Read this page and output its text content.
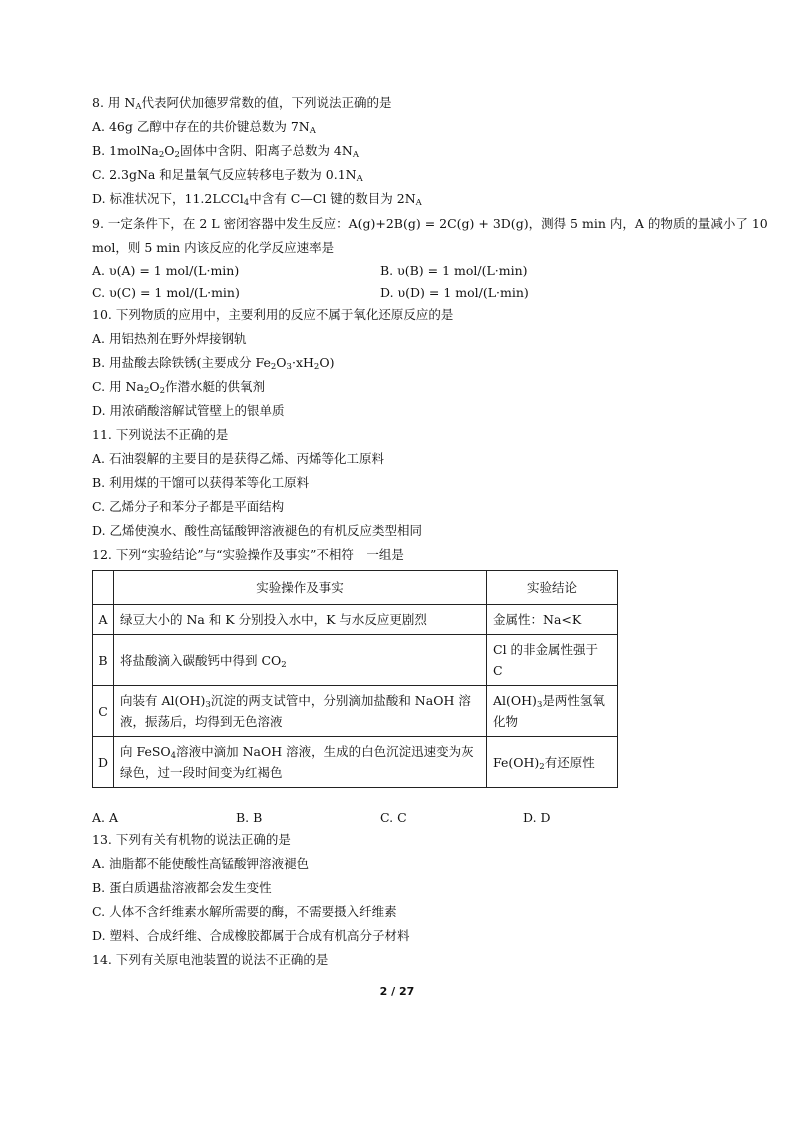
8. 用 $N_A$代表阿伏加德罗常数的值，下列说法正确的是
A. 46g 乙醇中存在的共价键总数为 $7N_A$
B. $1molNa_2O_2$固体中含阴、阳离子总数为 $4N_A$
C. 2.3gNa 和足量氧气反应转移电子数为 $0.1N_A$
D. 标准状况下，11.2LCCl$_4$中含有 C—Cl 键的数目为 $2N_A$
9. 一定条件下，在 2 L 密闭容器中发生反应：A(g)+2B(g) = 2C(g) + 3D(g)，测得 5 min 内，A 的物质的量减小了 10
mol，则 5 min 内该反应的化学反应速率是
A. υ(A) = 1 mol/(L·min)	B. υ(B) = 1 mol/(L·min)
C. υ(C) = 1 mol/(L·min)	D. υ(D) = 1 mol/(L·min)
10. 下列物质的应用中，主要利用的反应不属于氧化还原反应的是
A. 用铝热剂在野外焊接钢轨
B. 用盐酸去除铁锈(主要成分 $Fe_2O_3\cdot xH_2O$)
C. 用 $Na_2O_2$作潜水艇的供氧剂
D. 用浓硝酸溶解试管壁上的银单质
11. 下列说法不正确的是
A. 石油裂解的主要目的是获得乙烯、丙烯等化工原料
B. 利用煤的干馏可以获得苯等化工原料
C. 乙烯分子和苯分子都是平面结构
D. 乙烯使溴水、酸性高锰酸钾溶液褪色的有机反应类型相同
12. 下列“实验结论”与“实验操作及事实”不相符　一组是
	实验操作及事实	实验结论
A	绿豆大小的 Na 和 K 分别投入水中，K 与水反应更剧烈	金属性：Na<K
B	将盐酸滴入碳酸钙中得到 $CO_2$	Cl 的非金属性强于 C
C	向装有 $Al(OH)_3$沉淀的两支试管中，分别滴加盐酸和 NaOH 溶液，振荡后，均得到无色溶液	$Al(OH)_3$是两性氢氧化物
D	向 FeSO$_4$溶液中滴加 NaOH 溶液，生成的白色沉淀迅速变为灰绿色，过一段时间变为红褐色	$Fe(OH)_2$有还原性
A. A	B. B	C. C	D. D
13. 下列有关有机物的说法正确的是
A. 油脂都不能使酸性高锰酸钾溶液褪色
B. 蛋白质遇盐溶液都会发生变性
C. 人体不含纤维素水解所需要的酶，不需要摄入纤维素
D. 塑料、合成纤维、合成橡胶都属于合成有机高分子材料
14. 下列有关原电池装置的说法不正确的是
2 / 27
